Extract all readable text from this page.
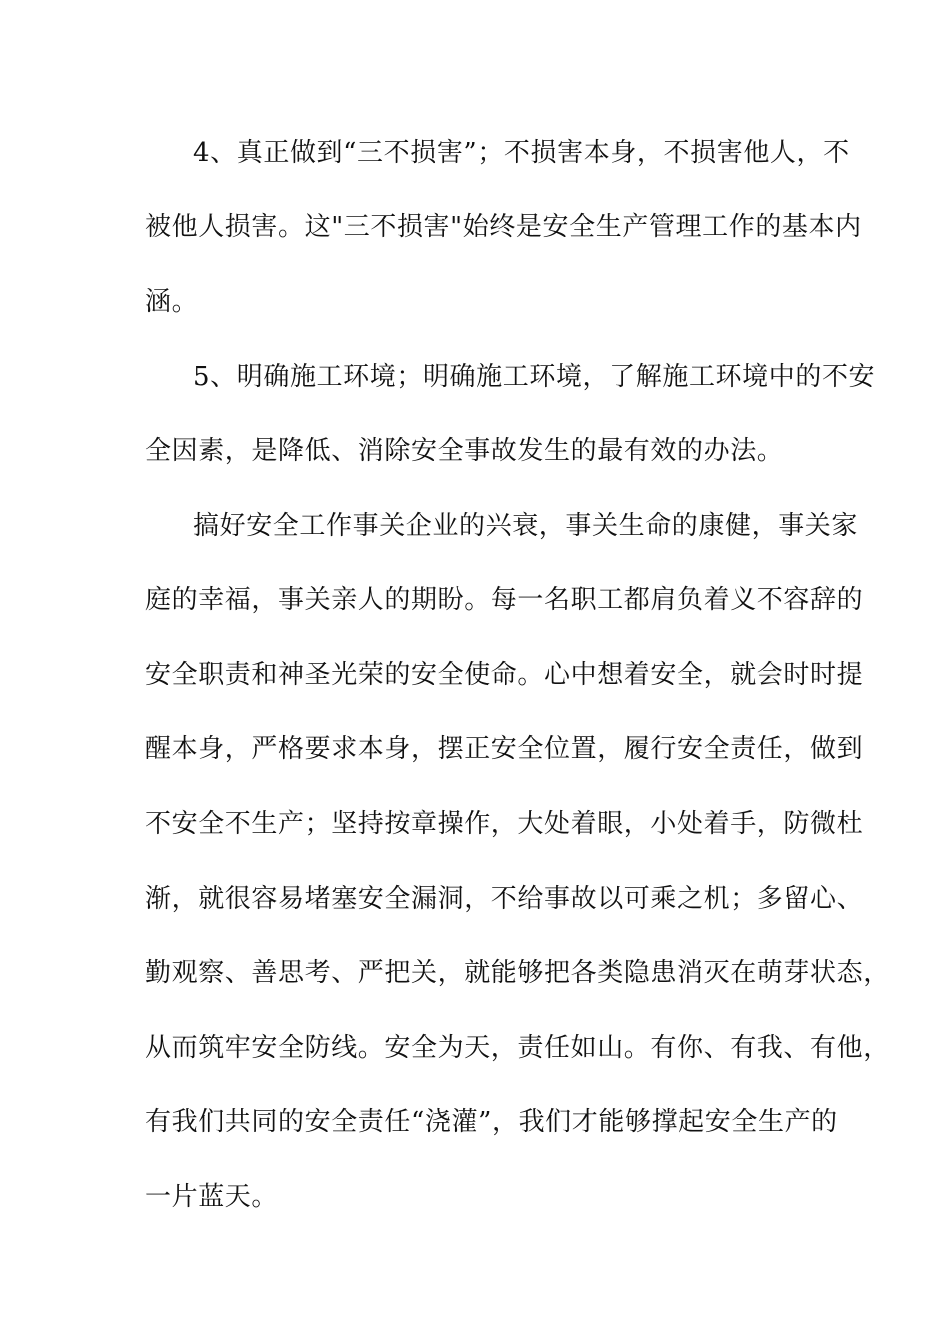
4、真正做到“三不损害”；不损害本身，不损害他人，不
被他人损害。这"三不损害"始终是安全生产管理工作的基本内
涵。
5、明确施工环境；明确施工环境，了解施工环境中的不安
全因素，是降低、消除安全事故发生的最有效的办法。
搞好安全工作事关企业的兴衰，事关生命的康健，事关家
庭的幸福，事关亲人的期盼。每一名职工都肩负着义不容辞的
安全职责和神圣光荣的安全使命。心中想着安全，就会时时提
醒本身，严格要求本身，摆正安全位置，履行安全责任，做到
不安全不生产；坚持按章操作，大处着眼，小处着手，防微杜
渐，就很容易堵塞安全漏洞，不给事故以可乘之机；多留心、
勤观察、善思考、严把关，就能够把各类隐患消灭在萌芽状态，
从而筑牢安全防线。安全为天，责任如山。有你、有我、有他，
有我们共同的安全责任“浇灌”，我们才能够撑起安全生产的
一片蓝天。
